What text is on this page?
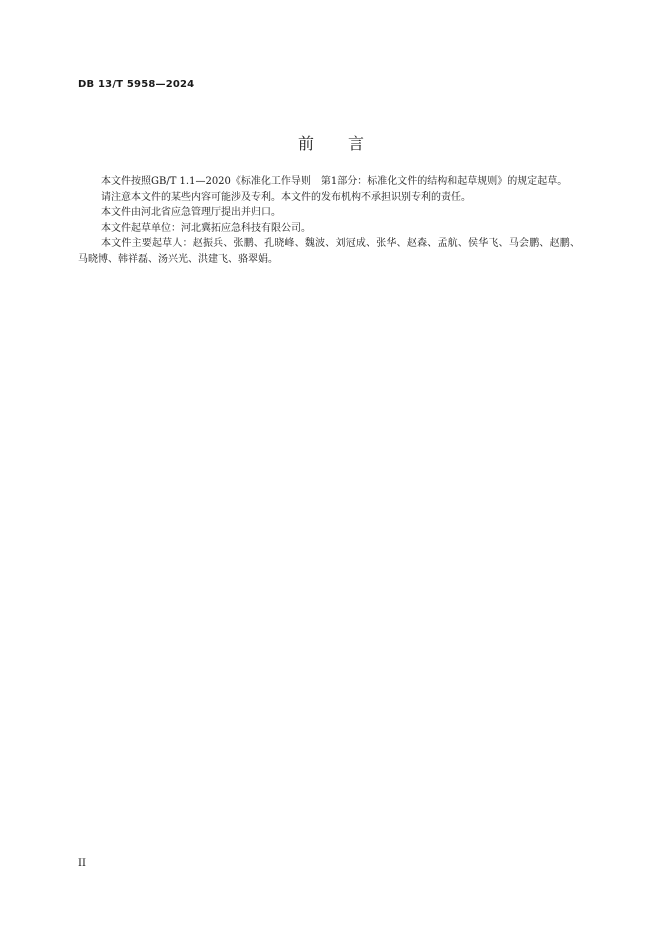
DB 13/T 5958—2024
前 言

本文件按照GB/T 1.1—2020《标准化工作导则　第1部分：标准化文件的结构和起草规则》的规定起草。

请注意本文件的某些内容可能涉及专利。本文件的发布机构不承担识别专利的责任。

本文件由河北省应急管理厅提出并归口。

本文件起草单位：河北冀拓应急科技有限公司。

本文件主要起草人：赵振兵、张鹏、孔晓峰、魏波、刘冠成、张华、赵森、孟航、侯华飞、马会鹏、赵鹏、马晓博、韩祥磊、汤兴光、洪建飞、骆翠娟。

II
